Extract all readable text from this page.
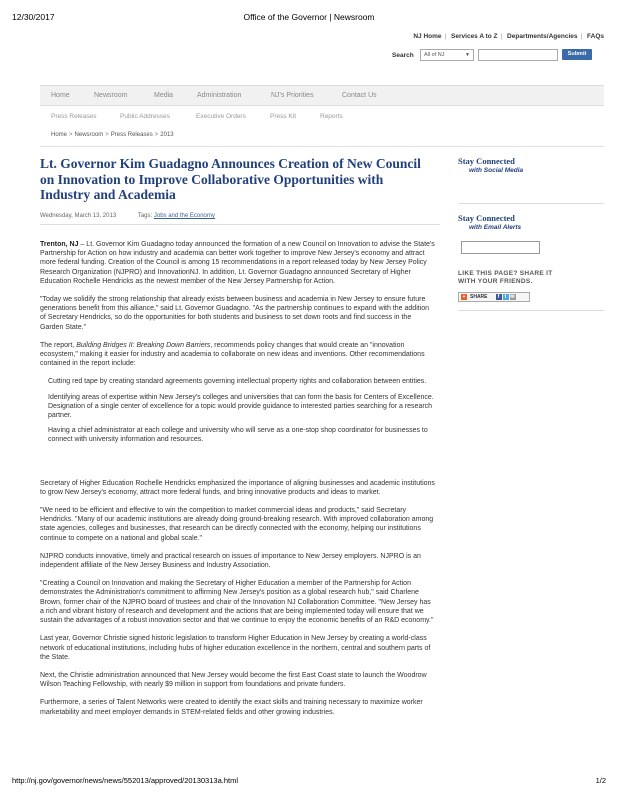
12/30/2017	Office of the Governor | Newsroom
NJ Home | Services A to Z | Departments/Agencies | FAQs
Search	All of NJ	▼	Submit
Home	Newsroom	Media	Administration	NJ's Priorities	Contact Us
Press Releases	Public Addresses	Executive Orders	Press Kit	Reports
Home > Newsroom > Press Releases > 2013
Lt. Governor Kim Guadagno Announces Creation of New Council on Innovation to Improve Collaborative Opportunities with Industry and Academia
Wednesday, March 13, 2013	Tags: Jobs and the Economy

Trenton, NJ – Lt. Governor Kim Guadagno today announced the formation of a new Council on Innovation to advise the State's Partnership for Action on how industry and academia can better work together to improve New Jersey's economy and attract more federal funding. Creation of the Council is among 15 recommendations in a report released today by New Jersey Policy Research Organization (NJPRO) and InnovationNJ. In addition, Lt. Governor Guadagno announced Secretary of Higher Education Rochelle Hendricks as the newest member of the New Jersey Partnership for Action.

"Today we solidify the strong relationship that already exists between business and academia in New Jersey to ensure future generations benefit from this alliance," said Lt. Governor Guadagno. "As the partnership continues to expand with the addition of Secretary Hendricks, so do the opportunities for both students and business to set down roots and find success in the Garden State."

The report, Building Bridges II: Breaking Down Barriers, recommends policy changes that would create an "innovation ecosystem," making it easier for industry and academia to collaborate on new ideas and inventions. Other recommendations contained in the report include:

Cutting red tape by creating standard agreements governing intellectual property rights and collaboration between entities.
Identifying areas of expertise within New Jersey's colleges and universities that can form the basis for Centers of Excellence. Designation of a single center of excellence for a topic would provide guidance to interested parties searching for a research partner.
Having a chief administrator at each college and university who will serve as a one-stop shop coordinator for businesses to connect with university information and resources.

Secretary of Higher Education Rochelle Hendricks emphasized the importance of aligning businesses and academic institutions to grow New Jersey's economy, attract more federal funds, and bring innovative products and ideas to market.

"We need to be efficient and effective to win the competition to market commercial ideas and products," said Secretary Hendricks. "Many of our academic institutions are already doing ground-breaking research. With improved collaboration among state agencies, colleges and businesses, that research can be directly connected with the economy, helping our institutions continue to compete on a national and global scale."

NJPRO conducts innovative, timely and practical research on issues of importance to New Jersey employers. NJPRO is an independent affiliate of the New Jersey Business and Industry Association.

"Creating a Council on Innovation and making the Secretary of Higher Education a member of the Partnership for Action demonstrates the Administration's commitment to affirming New Jersey's position as a global research hub," said Charlene Brown, former chair of the NJPRO board of trustees and chair of the Innovation NJ Collaboration Committee. "New Jersey has a rich and vibrant history of research and development and the actions that are being implemented today will ensure that we sustain the advantages of a robust innovation sector and that we continue to enjoy the economic benefits of an R&D economy."

Last year, Governor Christie signed historic legislation to transform Higher Education in New Jersey by creating a world-class network of educational institutions, including hubs of higher education excellence in the northern, central and southern parts of the State.

Next, the Christie administration announced that New Jersey would become the first East Coast state to launch the Woodrow Wilson Teaching Fellowship, with nearly $9 million in support from foundations and private funders.

Furthermore, a series of Talent Networks were created to identify the exact skills and training necessary to maximize worker marketability and meet employer demands in STEM-related fields and other growing industries.

Stay Connected
with Social Media
Stay Connected
with Email Alerts
LIKE THIS PAGE? SHARE IT
WITH YOUR FRIENDS.
+ SHARE	f	t ✉
http://nj.gov/governor/news/news/552013/approved/20130313a.html	1/2
